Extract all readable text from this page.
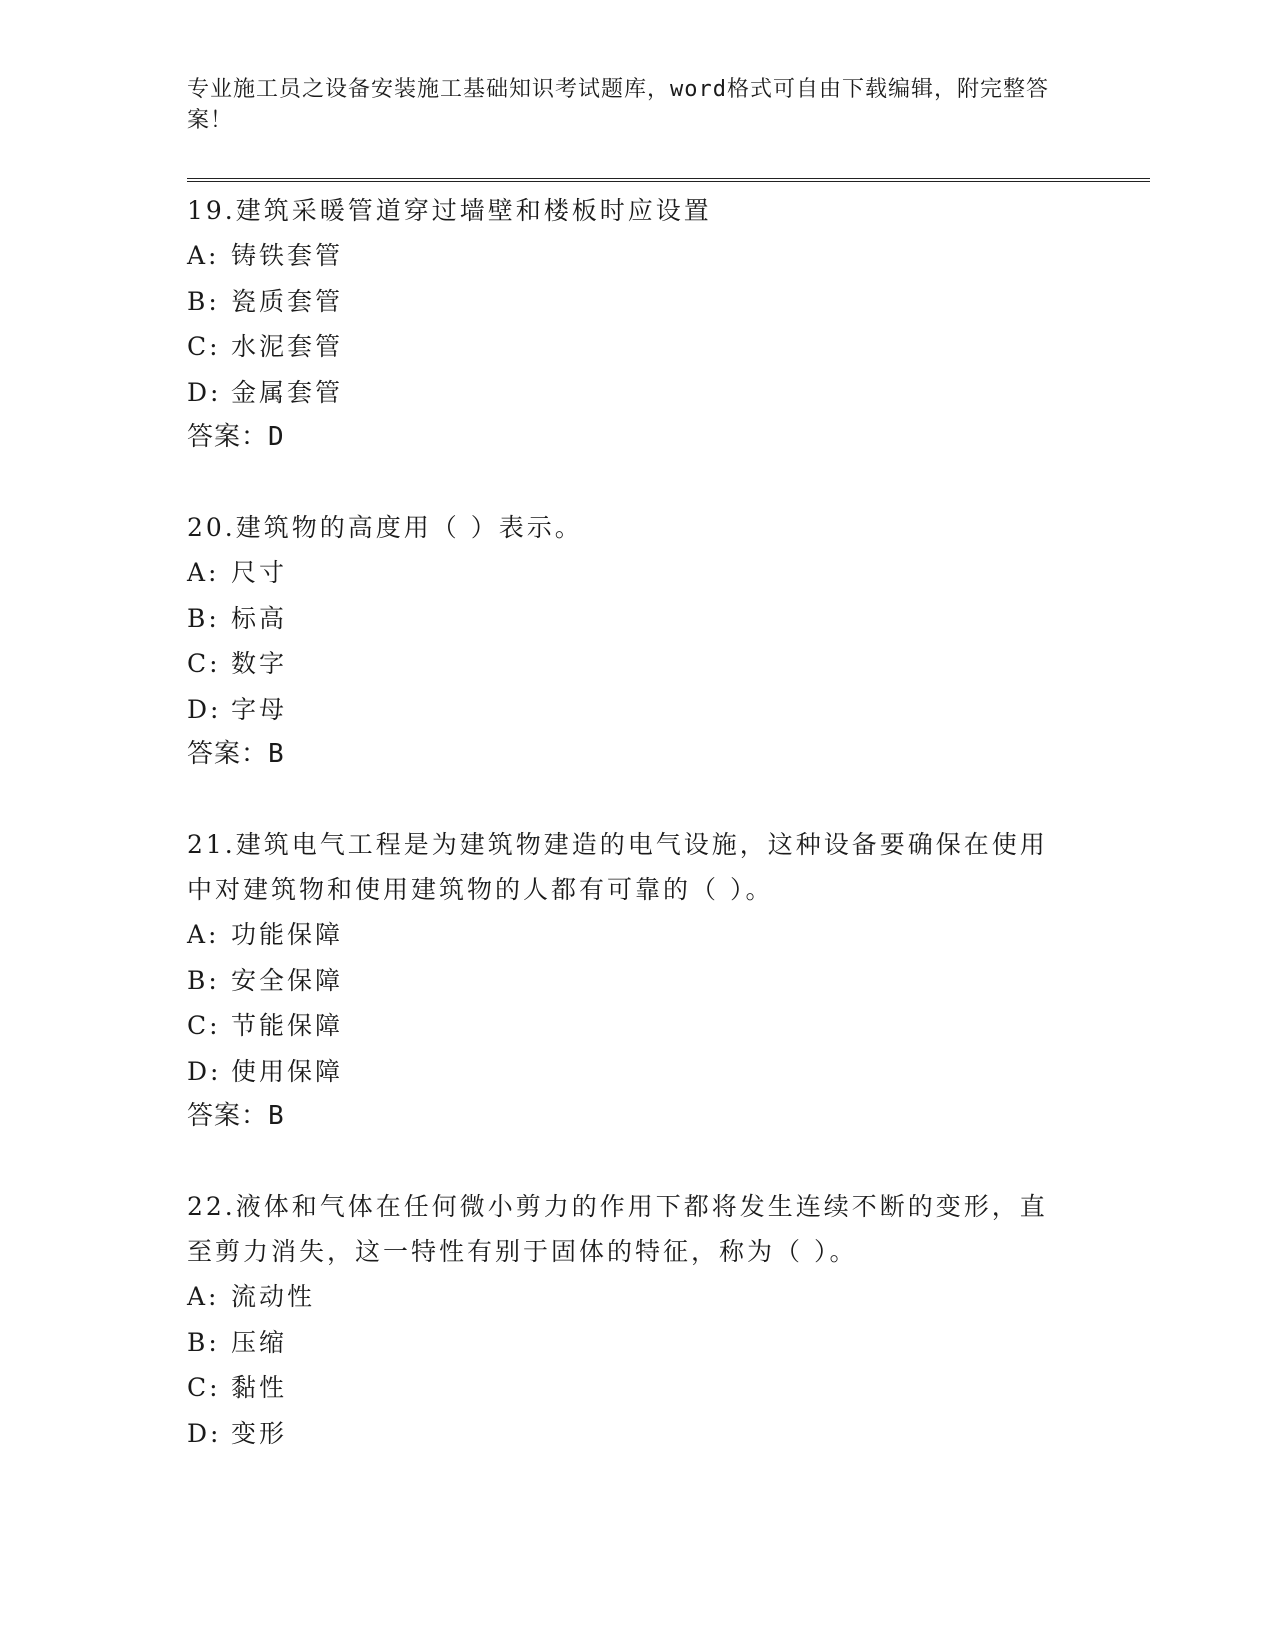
专业施工员之设备安装施工基础知识考试题库，word格式可自由下载编辑，附完整答案！
19.建筑采暖管道穿过墙壁和楼板时应设置
A: 铸铁套管
B: 瓷质套管
C: 水泥套管
D: 金属套管
答案：D
20.建筑物的高度用（ ）表示。
A: 尺寸
B: 标高
C: 数字
D: 字母
答案：B
21.建筑电气工程是为建筑物建造的电气设施，这种设备要确保在使用
中对建筑物和使用建筑物的人都有可靠的（ ）。
A: 功能保障
B: 安全保障
C: 节能保障
D: 使用保障
答案：B
22.液体和气体在任何微小剪力的作用下都将发生连续不断的变形，直
至剪力消失，这一特性有别于固体的特征，称为（ ）。
A: 流动性
B: 压缩
C: 黏性
D: 变形
